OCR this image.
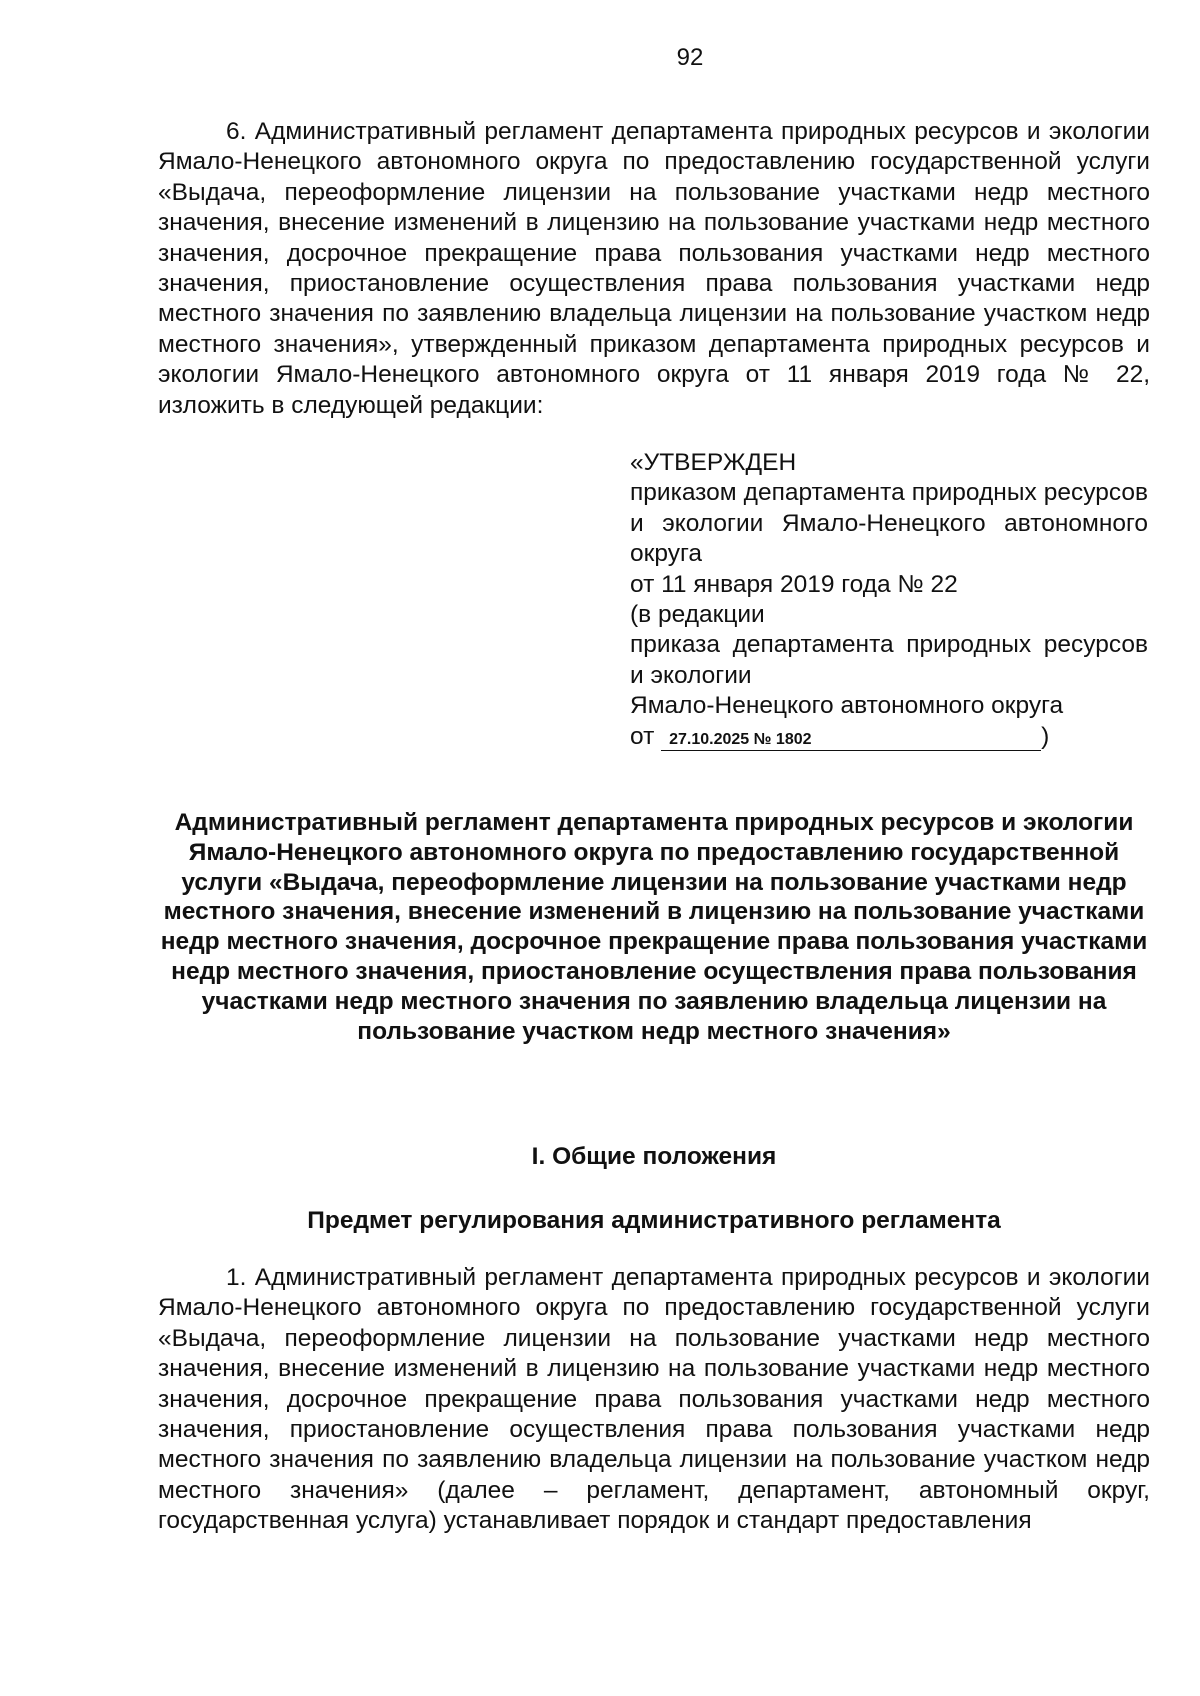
92

6. Административный регламент департамента природных ресурсов и экологии Ямало-Ненецкого автономного округа по предоставлению государственной услуги «Выдача, переоформление лицензии на пользование участками недр местного значения, внесение изменений в лицензию на пользование участками недр местного значения, досрочное прекращение права пользования участками недр местного значения, приостановление осуществления права пользования участками недр местного значения по заявлению владельца лицензии на пользование участком недр местного значения», утвержденный приказом департамента природных ресурсов и экологии Ямало-Ненецкого автономного округа от 11 января 2019 года № 22, изложить в следующей редакции:

«УТВЕРЖДЕН
приказом департамента природных ресурсов и экологии Ямало-Ненецкого автономного округа
от 11 января 2019 года № 22
(в редакции
приказа департамента природных ресурсов и экологии
Ямало-Ненецкого автономного округа
от 27.10.2025 № 1802	)

Административный регламент департамента природных ресурсов и экологии Ямало-Ненецкого автономного округа по предоставлению государственной услуги «Выдача, переоформление лицензии на пользование участками недр местного значения, внесение изменений в лицензию на пользование участками недр местного значения, досрочное прекращение права пользования участками недр местного значения, приостановление осуществления права пользования участками недр местного значения по заявлению владельца лицензии на пользование участком недр местного значения»

I. Общие положения

Предмет регулирования административного регламента

1. Административный регламент департамента природных ресурсов и экологии Ямало-Ненецкого автономного округа по предоставлению государственной услуги «Выдача, переоформление лицензии на пользование участками недр местного значения, внесение изменений в лицензию на пользование участками недр местного значения, досрочное прекращение права пользования участками недр местного значения, приостановление осуществления права пользования участками недр местного значения по заявлению владельца лицензии на пользование участком недр местного значения» (далее – регламент, департамент, автономный округ, государственная услуга) устанавливает порядок и стандарт предоставления
